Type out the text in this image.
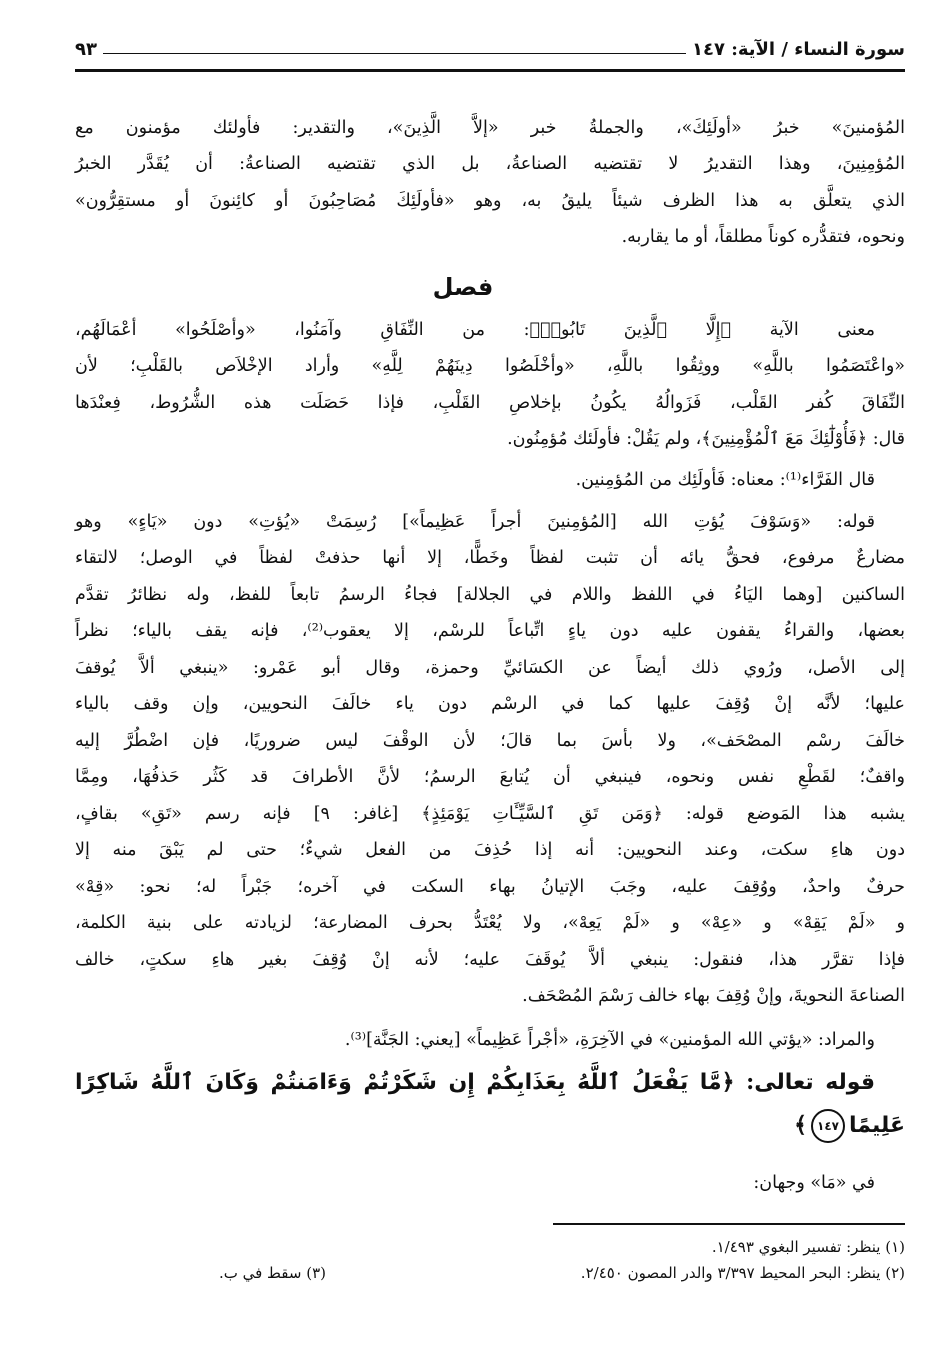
سورة النساء / الآية: ١٤٧
٩٣
المُؤمنينَ» خبرُ «أولَئِكَ»، والجملةُ خبر «إلاَّ الَّذِينَ»، والتقدير: فأولئك مؤمنون مع
المُؤمِنِينَ، وهذا التقديرُ لا تقتضيه الصناعةُ، بل الذي تقتضيه الصناعةُ: أن يُقَدَّر الخبرُ
الذي يتعلَّق به هذا الظرف شيئاً يليقُ به، وهو «فأولَئِكَ مُصَاحِبُونَ أو كائِنونَ أو مستقِرُّون»
ونحوه، فتقدُّره كوناً مطلقاً، أو ما يقاربه.
فصل
معنى الآية ﴿إِلَّا ٱلَّذِينَ تَابُوا۟﴾: من النِّفَاقِ وآمَنُوا، «وأصْلَحُوا» أعْمَالَهُم،
«واعْتَصَمُوا باللَّهِ» ووثِقُوا باللَّهِ، «وأخْلَصُوا دِينَهُمْ لِلَّهِ» وأراد الإخْلاَص بالقَلْبِ؛ لأن
النِّفَاقَ كُفر القَلْب، فَزَوالُهُ يكُونُ بإخلاصِ القَلْبِ، فإذا حَصَلَت هذه الشُّرُوط، فِعنْدَها
قال: ﴿فَأُوْلَٰٓئِكَ مَعَ ٱلْمُؤْمِنِينَ﴾، ولم يَقُلْ: فأولَئك مُؤمِنُون.
قال الفَرَّاء⁽¹⁾: معناه: فَأولَئِك من المُؤمِنين.
قوله: «وَسَوْفَ يُؤتِ الله [المُؤمِنينَ أجراً عَظِيماً»] رُسِمَتْ «يُؤتِ» دون «يَاءٍ» وهو
مضارعٌ مرفوع، فحقُّ يائه أن تثبت لفظاً وخَطًّا، إلا أنها حذفتْ لفظاً في الوصل؛ لالتقاء
الساكنين [وهما اليَاءُ في اللفظ واللام في الجلالة] فجاءُ الرسمُ تابعاً للفظ، وله نظائرُ تقدَّم
بعضها، والقراءُ يقفون عليه دون ياءٍ اتِّباعاً للرسْم، إلا يعقوب⁽²⁾، فإنه يقف بالياء؛ نظراً
إلى الأصل، ورُوي ذلك أيضاً عن الكسَائيِّ وحمزة، وقال أبو عَمْرو: «ينبغي ألاَّ يُوقفَ
عليها؛ لأنَّه إنْ وُقِفَ عليها كما في الرسْم دون ياء خالَفَ النحويين، وإن وقف بالياء
خالَفَ رسْم المصْحَف»، ولا بأسَ بما قالَ؛ لأن الوقْفَ ليس ضروريًا، فإن اضْطُرَّ إليه
واقفٌ؛ لقَطْعِ نفس ونحوه، فينبغي أن يُتابعَ الرسمُ؛ لأنَّ الأطرافَ قد كَثُر حَذفُهَا، ومِمَّا
يشبه هذا المَوضع قوله: ﴿وَمَن تَقِ ٱلسَّيِّـَٔاتِ يَوْمَئِذٍ﴾ [غافر: ٩] فإنه رسم «تَقِ» بقافٍ،
دون هاءِ سكت، وعند النحويين: أنه إذا حُذِفَ من الفعل شيءٌ؛ حتى لم يَبْقَ منه إلا
حرفٌ واحدٌ، ووُقِفَ عليه، وجَبَ الإتيانُ بهاء السكت في آخره؛ جَبْراً له؛ نحو: «قِهْ»
و «لَمْ يَقِهْ» و «عِهْ» و «لَمْ يَعِهْ»، ولا يُعْتَدُّ بحرف المضارعة؛ لزيادته على بنية الكلمة،
فإذا تقرَّر هذا، فنقول: ينبغي ألاَّ يُوقَفَ عليه؛ لأنه إنْ وُقِفَ بغير هاءِ سكتٍ، خالف
الصناعةَ النحويةَ، وإنْ وُقِفَ بهاء خالف رَسْمَ المُصْحَف.
والمراد: «يؤتي الله المؤمنين» في الآخِرَةِ، «أجْراً عَظِيماً» [يعني: الجَنَّة]⁽³⁾.
قوله تعالى: ﴿مَّا يَفْعَلُ ٱللَّهُ بِعَذَابِكُمْ إِن شَكَرْتُمْ وَءَامَنتُمْ وَكَانَ ٱللَّهُ شَاكِرًا
عَلِيمًا١٤٧﴾
في «مَا» وجهان:
(١) ينظر: تفسير البغوي ١/٤٩٣.
(٢) ينظر: البحر المحيط ٣/٣٩٧ والدر المصون ٢/٤٥٠.
(٣) سقط في ب.
